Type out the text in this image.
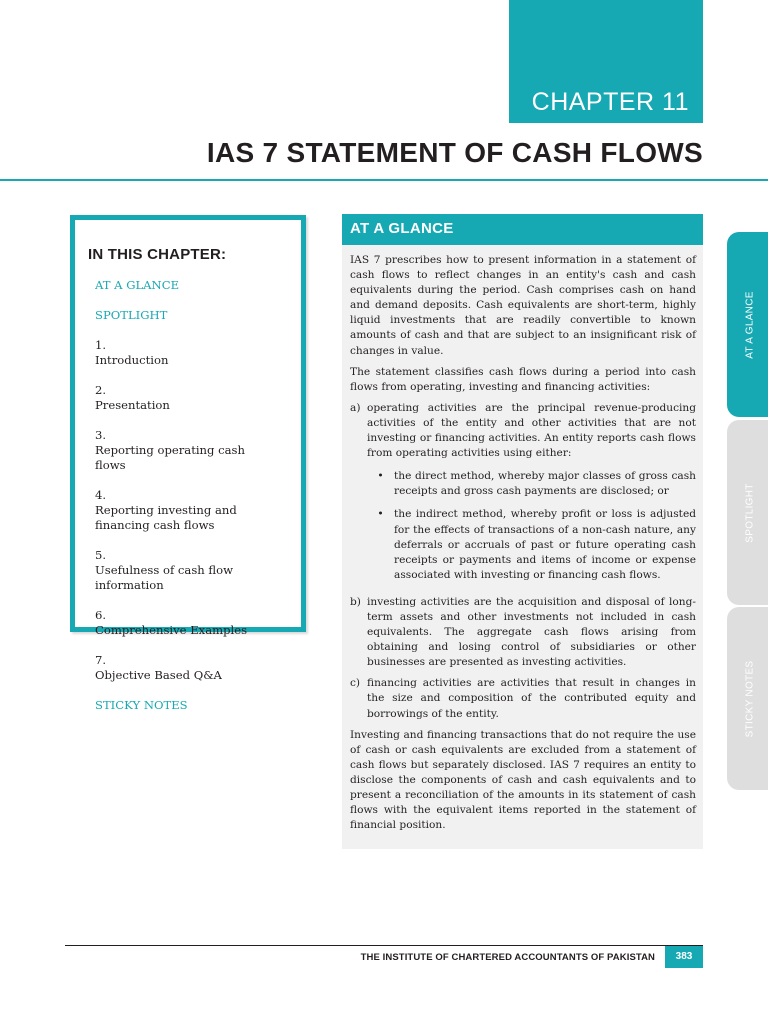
CHAPTER 11
IAS 7 STATEMENT OF CASH FLOWS
IN THIS CHAPTER:
AT A GLANCE
SPOTLIGHT
1.Introduction
2.Presentation
3.Reporting operating cash flows
4.Reporting investing and financing cash flows
5.Usefulness of cash flow information
6.Comprehensive Examples
7.Objective Based Q&A
STICKY NOTES
AT A GLANCE

IAS 7 prescribes how to present information in a statement of cash flows to reflect changes in an entity's cash and cash equivalents during the period. Cash comprises cash on hand and demand deposits. Cash equivalents are short-term, highly liquid investments that are readily convertible to known amounts of cash and that are subject to an insignificant risk of changes in value.

The statement classifies cash flows during a period into cash flows from operating, investing and financing activities:

a) operating activities are the principal revenue-producing activities of the entity and other activities that are not investing or financing activities. An entity reports cash flows from operating activities using either:

• the direct method, whereby major classes of gross cash receipts and gross cash payments are disclosed; or
• the indirect method, whereby profit or loss is adjusted for the effects of transactions of a non-cash nature, any deferrals or accruals of past or future operating cash receipts or payments and items of income or expense associated with investing or financing cash flows.
b) investing activities are the acquisition and disposal of long-term assets and other investments not included in cash equivalents. The aggregate cash flows arising from obtaining and losing control of subsidiaries or other businesses are presented as investing activities.
c) financing activities are activities that result in changes in the size and composition of the contributed equity and borrowings of the entity.

Investing and financing transactions that do not require the use of cash or cash equivalents are excluded from a statement of cash flows but separately disclosed. IAS 7 requires an entity to disclose the components of cash and cash equivalents and to present a reconciliation of the amounts in its statement of cash flows with the equivalent items reported in the statement of financial position.

AT A GLANCE
SPOTLIGHT
STICKY NOTES
THE INSTITUTE OF CHARTERED ACCOUNTANTS OF PAKISTAN	383
